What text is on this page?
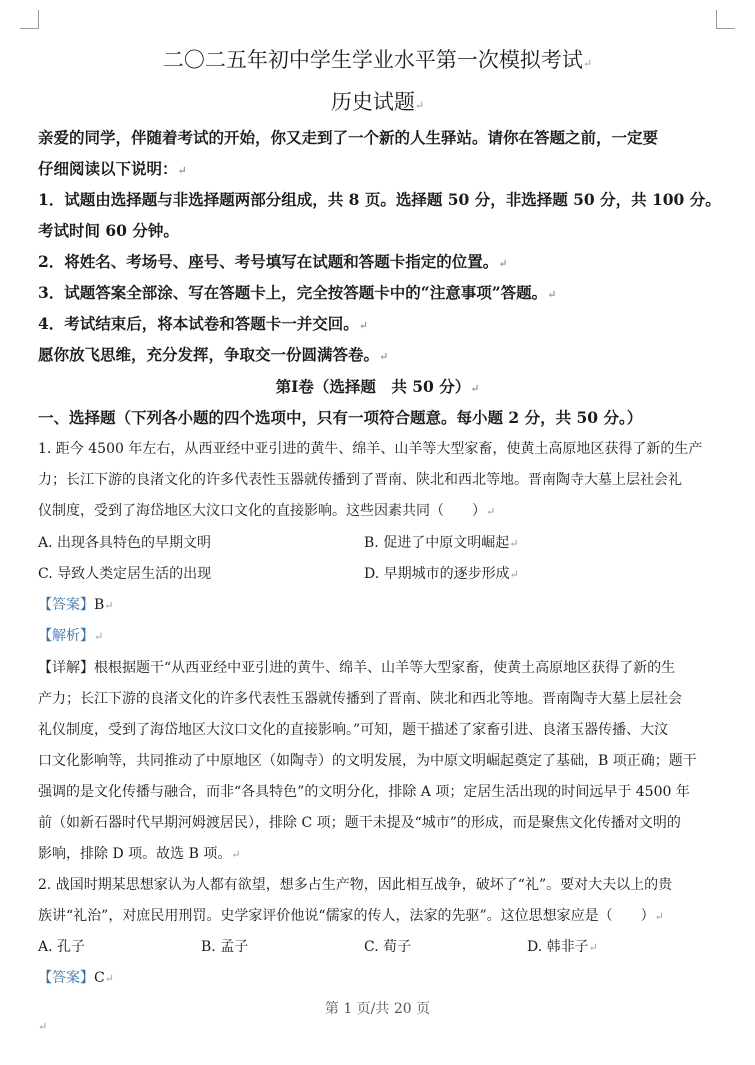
二〇二五年初中学生学业水平第一次模拟考试↵
历史试题↵
亲爱的同学，伴随着考试的开始，你又走到了一个新的人生驿站。请你在答题之前，一定要
仔细阅读以下说明：↵
1．试题由选择题与非选择题两部分组成，共 8 页。选择题 50 分，非选择题 50 分，共 100 分。
考试时间 60 分钟。
2．将姓名、考场号、座号、考号填写在试题和答题卡指定的位置。↵
3．试题答案全部涂、写在答题卡上，完全按答题卡中的“注意事项”答题。↵
4．考试结束后，将本试卷和答题卡一并交回。↵
愿你放飞思维，充分发挥，争取交一份圆满答卷。↵
第Ⅰ卷（选择题　共 50 分）↵
一、选择题（下列各小题的四个选项中，只有一项符合题意。每小题 2 分，共 50 分。）
1. 距今 4500 年左右，从西亚经中亚引进的黄牛、绵羊、山羊等大型家畜，使黄土高原地区获得了新的生产
力；长江下游的良渚文化的许多代表性玉器就传播到了晋南、陕北和西北等地。晋南陶寺大墓上层社会礼
仪制度，受到了海岱地区大汶口文化的直接影响。这些因素共同（　　）↵
A. 出现各具特色的早期文明	B. 促进了中原文明崛起↵
C. 导致人类定居生活的出现	D. 早期城市的逐步形成↵
【答案】B↵
【解析】↵
【详解】根根据题干“从西亚经中亚引进的黄牛、绵羊、山羊等大型家畜，使黄土高原地区获得了新的生
产力；长江下游的良渚文化的许多代表性玉器就传播到了晋南、陕北和西北等地。晋南陶寺大墓上层社会
礼仪制度，受到了海岱地区大汶口文化的直接影响。”可知，题干描述了家畜引进、良渚玉器传播、大汶
口文化影响等，共同推动了中原地区（如陶寺）的文明发展，为中原文明崛起奠定了基础，B 项正确；题干
强调的是文化传播与融合，而非“各具特色”的文明分化，排除 A 项；定居生活出现的时间远早于 4500 年
前（如新石器时代早期河姆渡居民），排除 C 项；题干未提及“城市”的形成，而是聚焦文化传播对文明的
影响，排除 D 项。故选 B 项。↵
2. 战国时期某思想家认为人都有欲望，想多占生产物，因此相互战争，破坏了“礼”。要对大夫以上的贵
族讲“礼治”，对庶民用刑罚。史学家评价他说“儒家的传人，法家的先驱”。这位思想家应是（　　）↵
A. 孔子	B. 孟子	C. 荀子	D. 韩非子↵
【答案】C↵
第 1 页/共 20 页
↵
